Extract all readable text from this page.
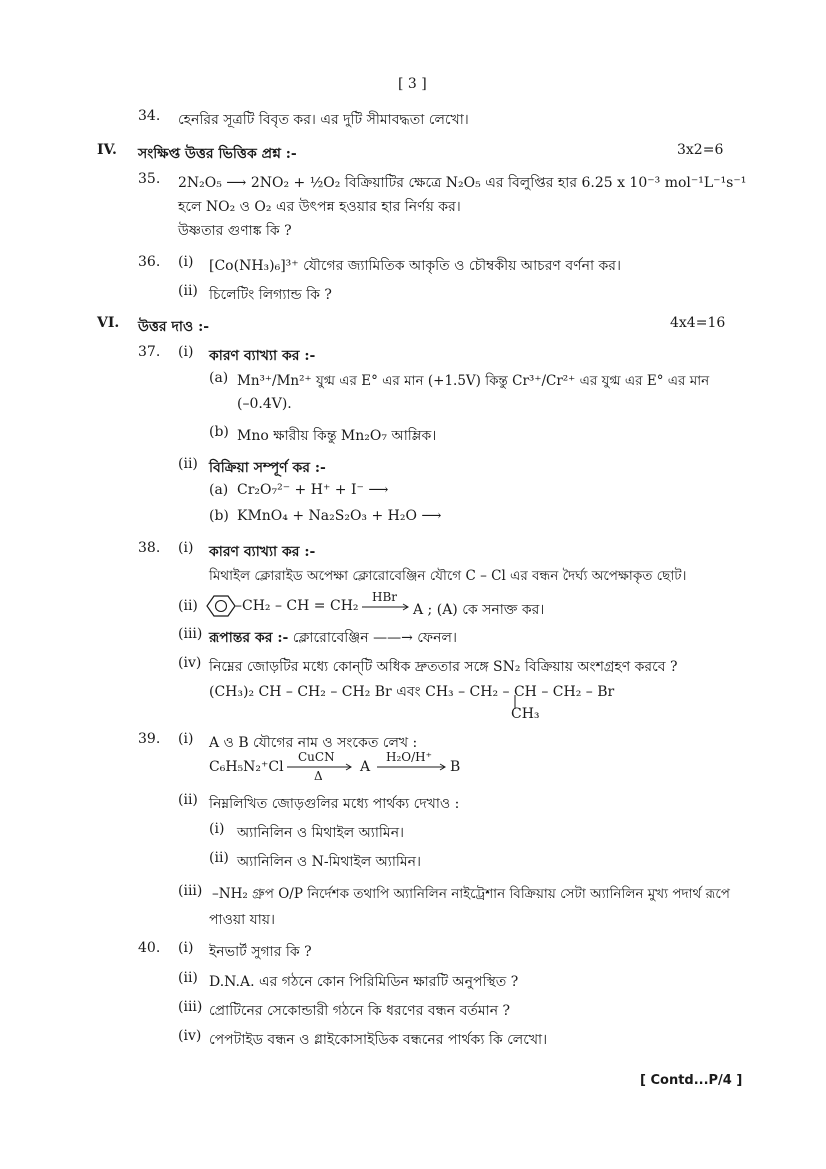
[ 3 ]
34. হেনরির সূত্রটি বিবৃত কর। এর দুটি সীমাবদ্ধতা লেখো।
IV. সংক্ষিপ্ত উত্তর ভিত্তিক প্রশ্ন :-	3x2=6
35. 2N₂O₅ ⟶ 2NO₂ + ½O₂ বিক্রিয়াটির ক্ষেত্রে N₂O₅ এর বিলুপ্তির হার 6.25 x 10⁻³ mol⁻¹L⁻¹s⁻¹
হলে NO₂ ও O₂ এর উৎপন্ন হওয়ার হার নির্ণয় কর।
উষ্ণতার গুণাঙ্ক কি ?
36. (i) [Co(NH₃)₆]³⁺ যৌগের জ্যামিতিক আকৃতি ও চৌম্বকীয় আচরণ বর্ণনা কর।
(ii) চিলেটিং লিগ্যান্ড কি ?
VI. উত্তর দাও :-	4x4=16
37. (i) কারণ ব্যাখ্যা কর :-
(a) Mn³⁺/Mn²⁺ যুগ্ম এর E° এর মান (+1.5V) কিন্তু Cr³⁺/Cr²⁺ এর যুগ্ম এর E° এর মান
(–0.4V).
(b) Mno ক্ষারীয় কিন্তু Mn₂O₇ আম্লিক।
(ii) বিক্রিয়া সম্পূর্ণ কর :-
(a) Cr₂O₇²⁻ + H⁺ + I⁻ ⟶
(b) KMnO₄ + Na₂S₂O₃ + H₂O ⟶
38. (i) কারণ ব্যাখ্যা কর :-
মিথাইল ক্লোরাইড অপেক্ষা ক্লোরোবেঞ্জিন যৌগে C – Cl এর বন্ধন দৈর্ঘ্য অপেক্ষাকৃত ছোট।
(ii)	–CH₂ – CH = CH₂
HBr
→ A ; (A) কে সনাক্ত কর।
(iii) রূপান্তর কর :- ক্লোরোবেঞ্জিন ——→ ফেনল।
(iv) নিম্নের জোড়টির মধ্যে কোন্‌টি অধিক দ্রুততার সঙ্গে SN₂ বিক্রিয়ায় অংশগ্রহণ করবে ?
(CH₃)₂ CH – CH₂ – CH₂ Br এবং CH₃ – CH₂ – CH – CH₂ – Br
CH₃
39. (i) A ও B যৌগের নাম ও সংকেত লেখ :
C₆H₅N₂⁺Cl
CuCN
Δ
A
H₂O/H⁺
B
(ii) নিম্নলিখিত জোড়গুলির মধ্যে পার্থক্য দেখাও :
(i) অ্যানিলিন ও মিথাইল অ্যামিন।
(ii) অ্যানিলিন ও N-মিথাইল অ্যামিন।
(iii) –NH₂ গ্রুপ O/P নির্দেশক তথাপি অ্যানিলিন নাইট্রেশান বিক্রিয়ায় সেটা অ্যানিলিন মুখ্য পদার্থ রূপে
পাওয়া যায়।
40. (i) ইনভার্ট সুগার কি ?
(ii) D.N.A. এর গঠনে কোন পিরিমিডিন ক্ষারটি অনুপস্থিত ?
(iii) প্রোটিনের সেকোন্ডারী গঠনে কি ধরণের বন্ধন বর্তমান ?
(iv) পেপটাইড বন্ধন ও গ্লাইকোসাইডিক বন্ধনের পার্থক্য কি লেখো।
[ Contd...P/4 ]
